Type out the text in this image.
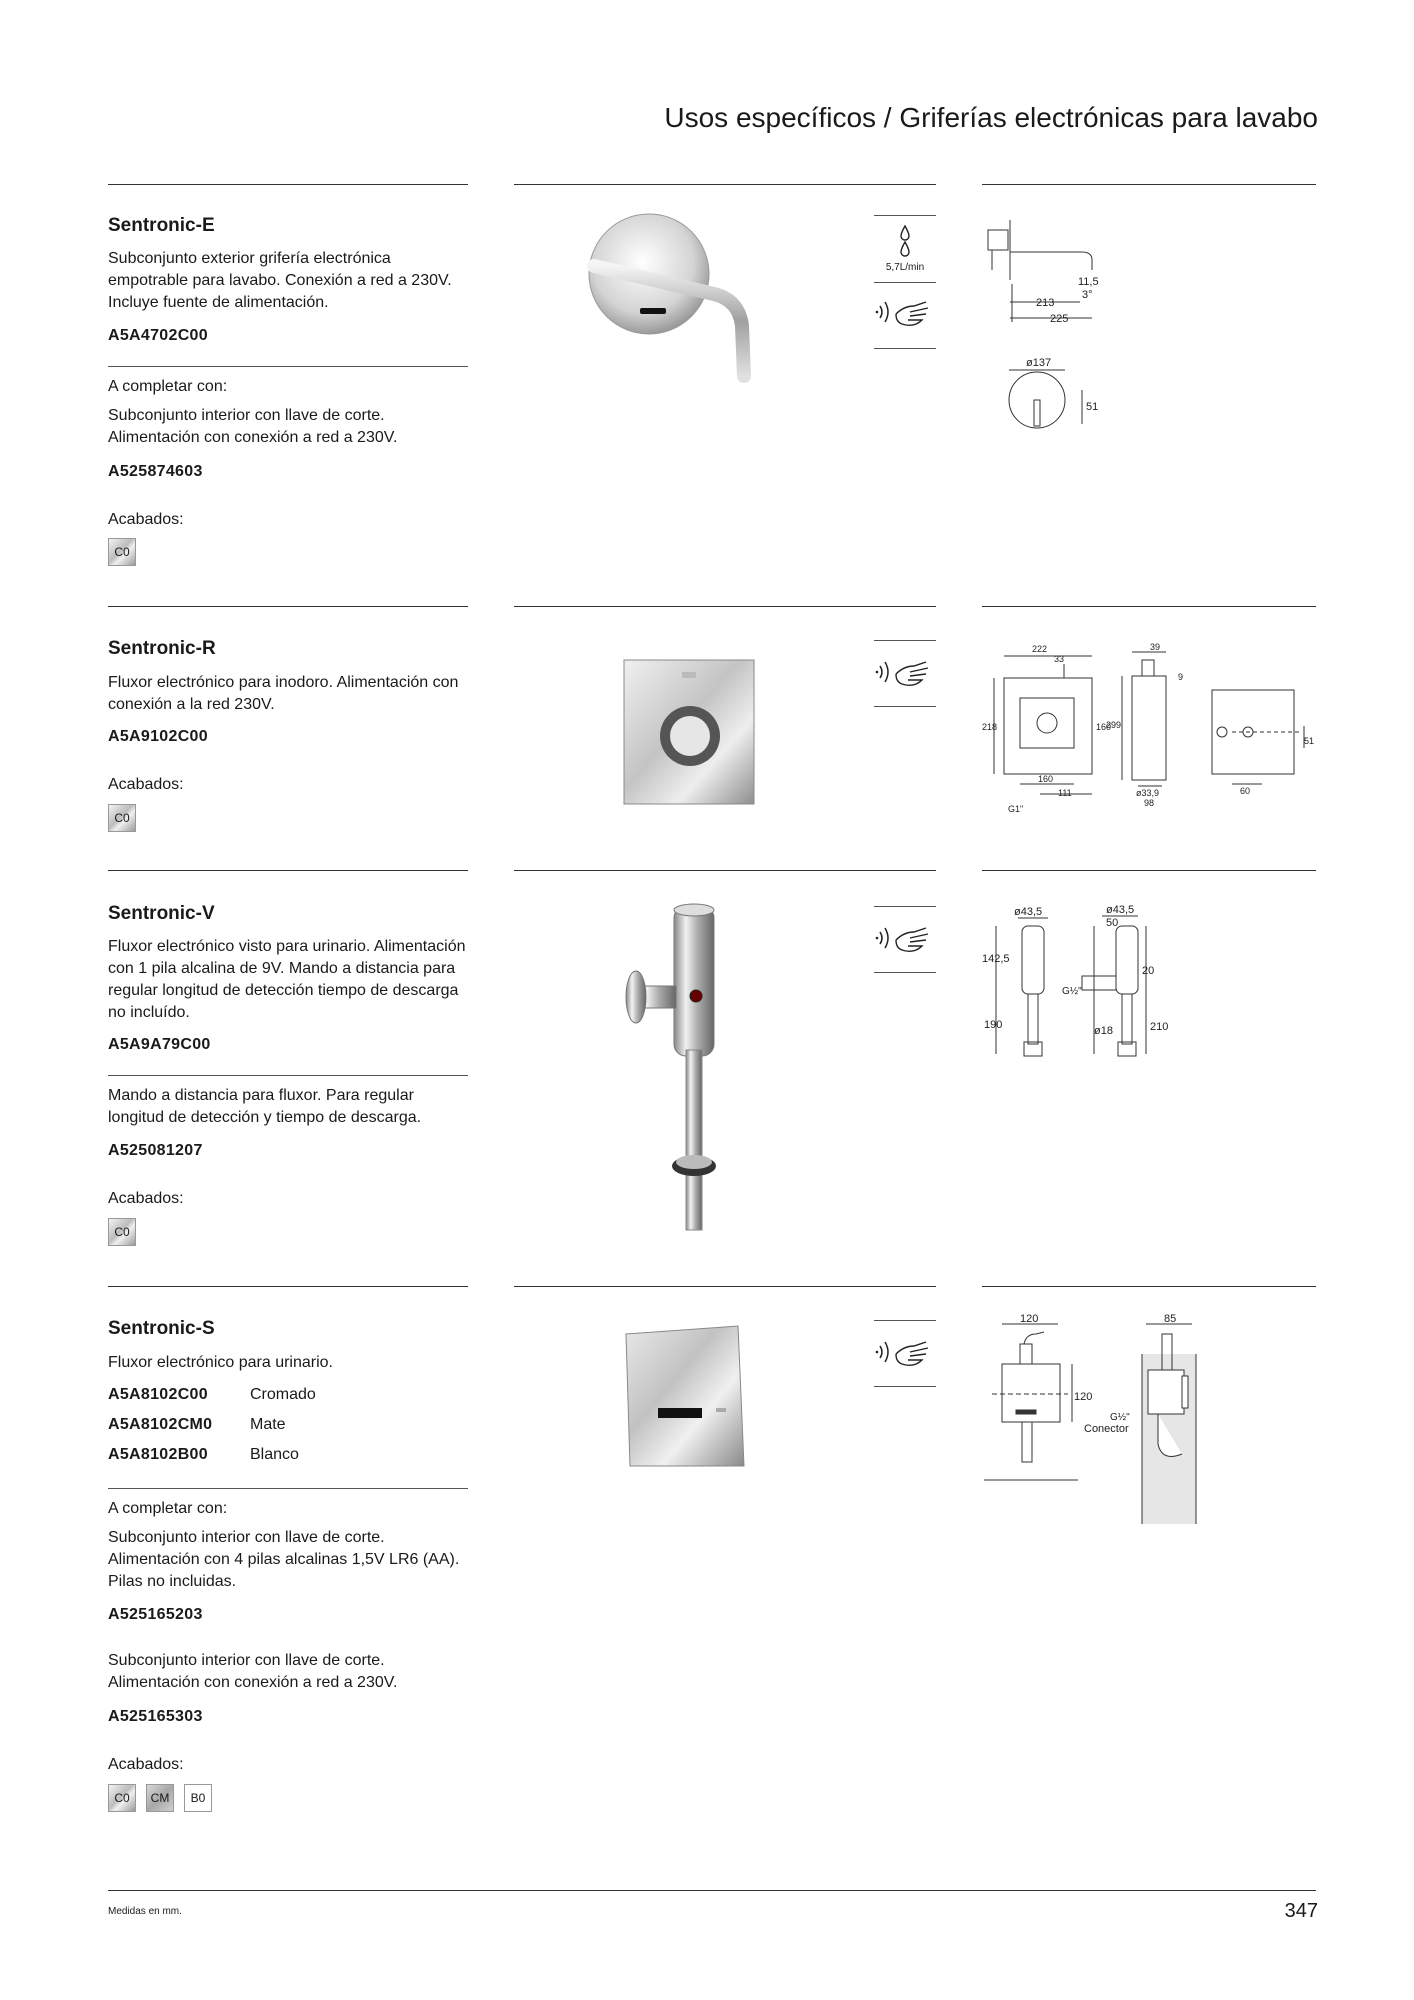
Usos específicos / Griferías electrónicas para lavabo
Sentronic-E
Subconjunto exterior grifería electrónica empotrable para lavabo. Conexión a red a 230V. Incluye fuente de alimentación.
A5A4702C00
A completar con:
Subconjunto interior con llave de corte. Alimentación con conexión a red a 230V.
A525874603
Acabados:
C0
5,7L/min
11,5
3°
213
225
ø137
51
Sentronic-R
Fluxor electrónico para inodoro. Alimentación con conexión a la red 230V.
A5A9102C00
Acabados:
C0
222
33
218	160
160
111
G1"
39
9
299
ø33,9
98
51
60
Sentronic-V
Fluxor electrónico visto para urinario. Alimentación con 1 pila alcalina de 9V. Mando a distancia para regular longitud de detección tiempo de descarga no incluído.
A5A9A79C00
Mando a distancia para fluxor. Para regular longitud de detección y tiempo de descarga.
A525081207
Acabados:
C0
ø43,5
142,5
190
ø43,5
50
20
G½"
ø18	210
Sentronic-S
Fluxor electrónico para urinario.
A5A8102C00	Cromado
A5A8102CM0 Mate
A5A8102B00	Blanco
A completar con:
Subconjunto interior con llave de corte. Alimentación con 4 pilas alcalinas 1,5V LR6 (AA). Pilas no incluidas.
A525165203
Subconjunto interior con llave de corte. Alimentación con conexión a red a 230V.
A525165303
Acabados:
C0	CM	B0
120
120
85
G½"
Conector
Medidas en mm.	347
